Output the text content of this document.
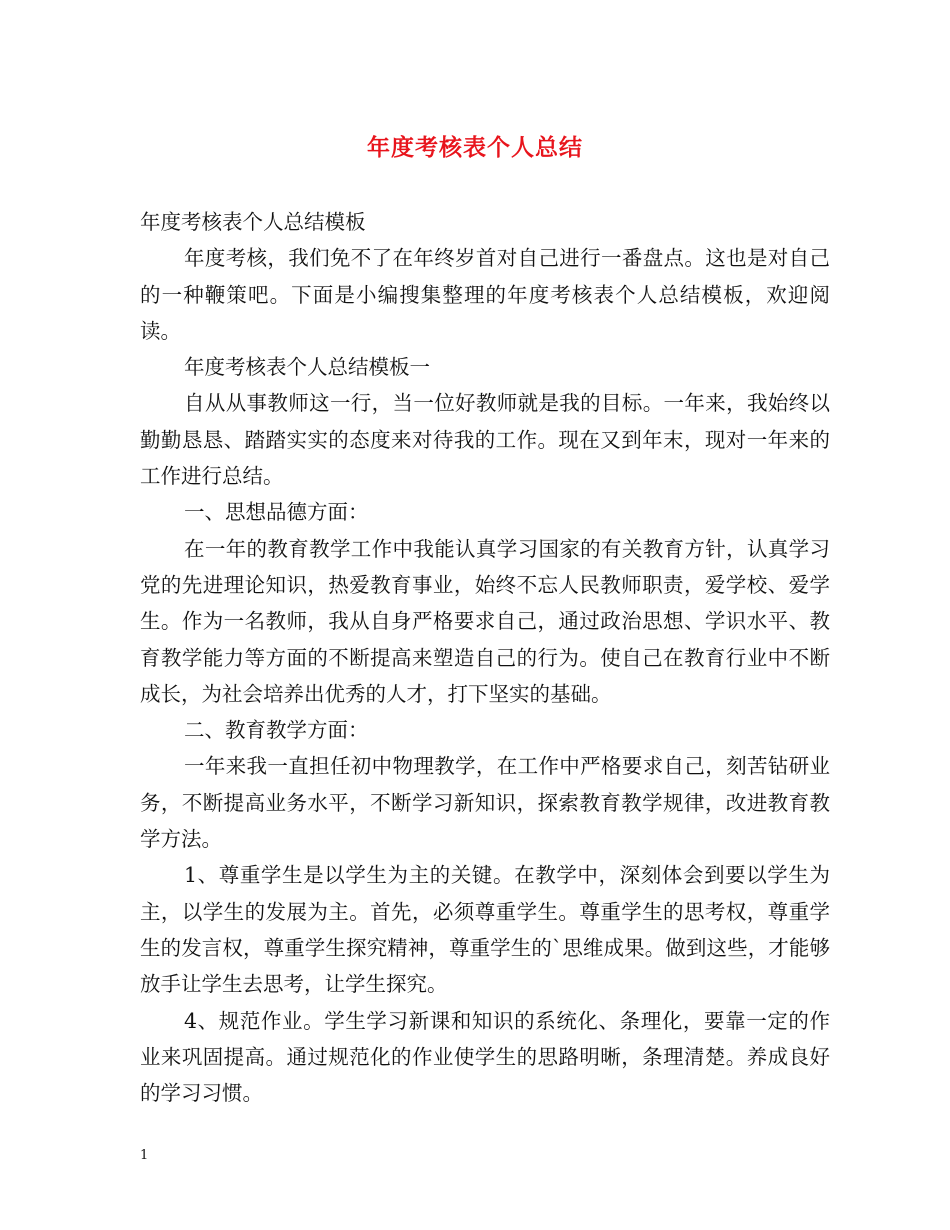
年度考核表个人总结

年度考核表个人总结模板

年度考核，我们免不了在年终岁首对自己进行一番盘点。这也是对自己的一种鞭策吧。下面是小编搜集整理的年度考核表个人总结模板，欢迎阅读。

年度考核表个人总结模板一

自从从事教师这一行，当一位好教师就是我的目标。一年来，我始终以勤勤恳恳、踏踏实实的态度来对待我的工作。现在又到年末，现对一年来的工作进行总结。

一、思想品德方面：

在一年的教育教学工作中我能认真学习国家的有关教育方针，认真学习党的先进理论知识，热爱教育事业，始终不忘人民教师职责，爱学校、爱学生。作为一名教师，我从自身严格要求自己，通过政治思想、学识水平、教育教学能力等方面的不断提高来塑造自己的行为。使自己在教育行业中不断成长，为社会培养出优秀的人才，打下坚实的基础。

二、教育教学方面：

一年来我一直担任初中物理教学，在工作中严格要求自己，刻苦钻研业务，不断提高业务水平，不断学习新知识，探索教育教学规律，改进教育教学方法。

1、尊重学生是以学生为主的关键。在教学中，深刻体会到要以学生为主，以学生的发展为主。首先，必须尊重学生。尊重学生的思考权，尊重学生的发言权，尊重学生探究精神，尊重学生的`思维成果。做到这些，才能够放手让学生去思考，让学生探究。

4、规范作业。学生学习新课和知识的系统化、条理化，要靠一定的作业来巩固提高。通过规范化的作业使学生的思路明晰，条理清楚。养成良好的学习习惯。

1
